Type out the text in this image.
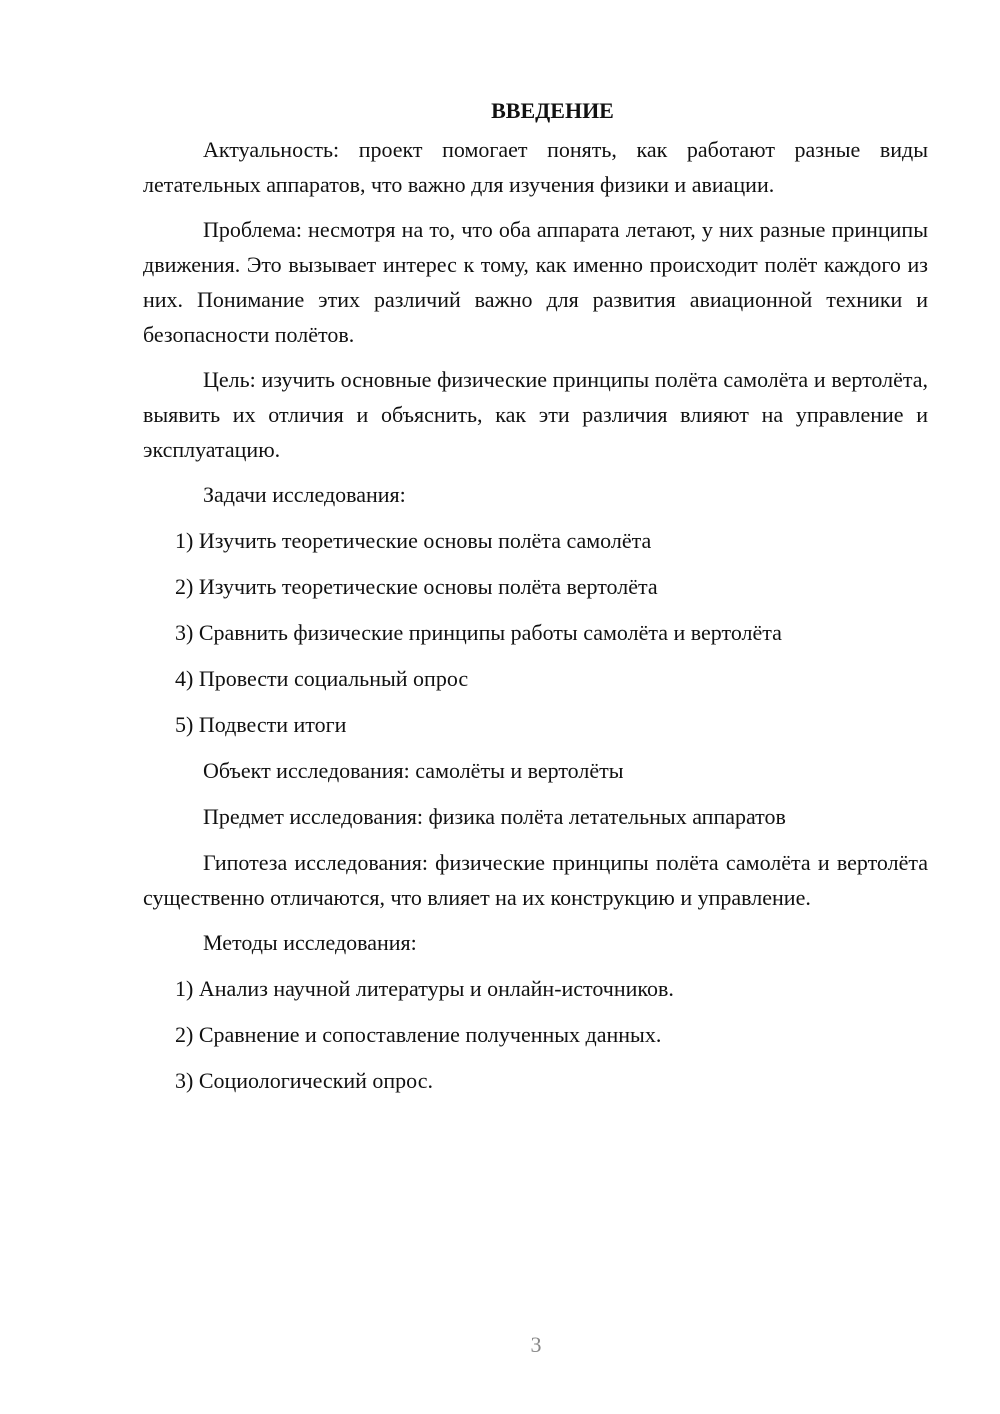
ВВЕДЕНИЕ

Актуальность: проект помогает понять, как работают разные виды летательных аппаратов, что важно для изучения физики и авиации.

Проблема: несмотря на то, что оба аппарата летают, у них разные принципы движения. Это вызывает интерес к тому, как именно происходит полёт каждого из них. Понимание этих различий важно для развития авиационной техники и безопасности полётов.

Цель: изучить основные физические принципы полёта самолёта и вертолёта, выявить их отличия и объяснить, как эти различия влияют на управление и эксплуатацию.

Задачи исследования:

1) Изучить теоретические основы полёта самолёта

2) Изучить теоретические основы полёта вертолёта

3) Сравнить физические принципы работы самолёта и вертолёта

4) Провести социальный опрос

5) Подвести итоги

Объект исследования: самолёты и вертолёты

Предмет исследования: физика полёта летательных аппаратов

Гипотеза исследования: физические принципы полёта самолёта и вертолёта существенно отличаются, что влияет на их конструкцию и управление.

Методы исследования:

1) Анализ научной литературы и онлайн-источников.

2) Сравнение и сопоставление полученных данных.

3) Социологический опрос.

3
